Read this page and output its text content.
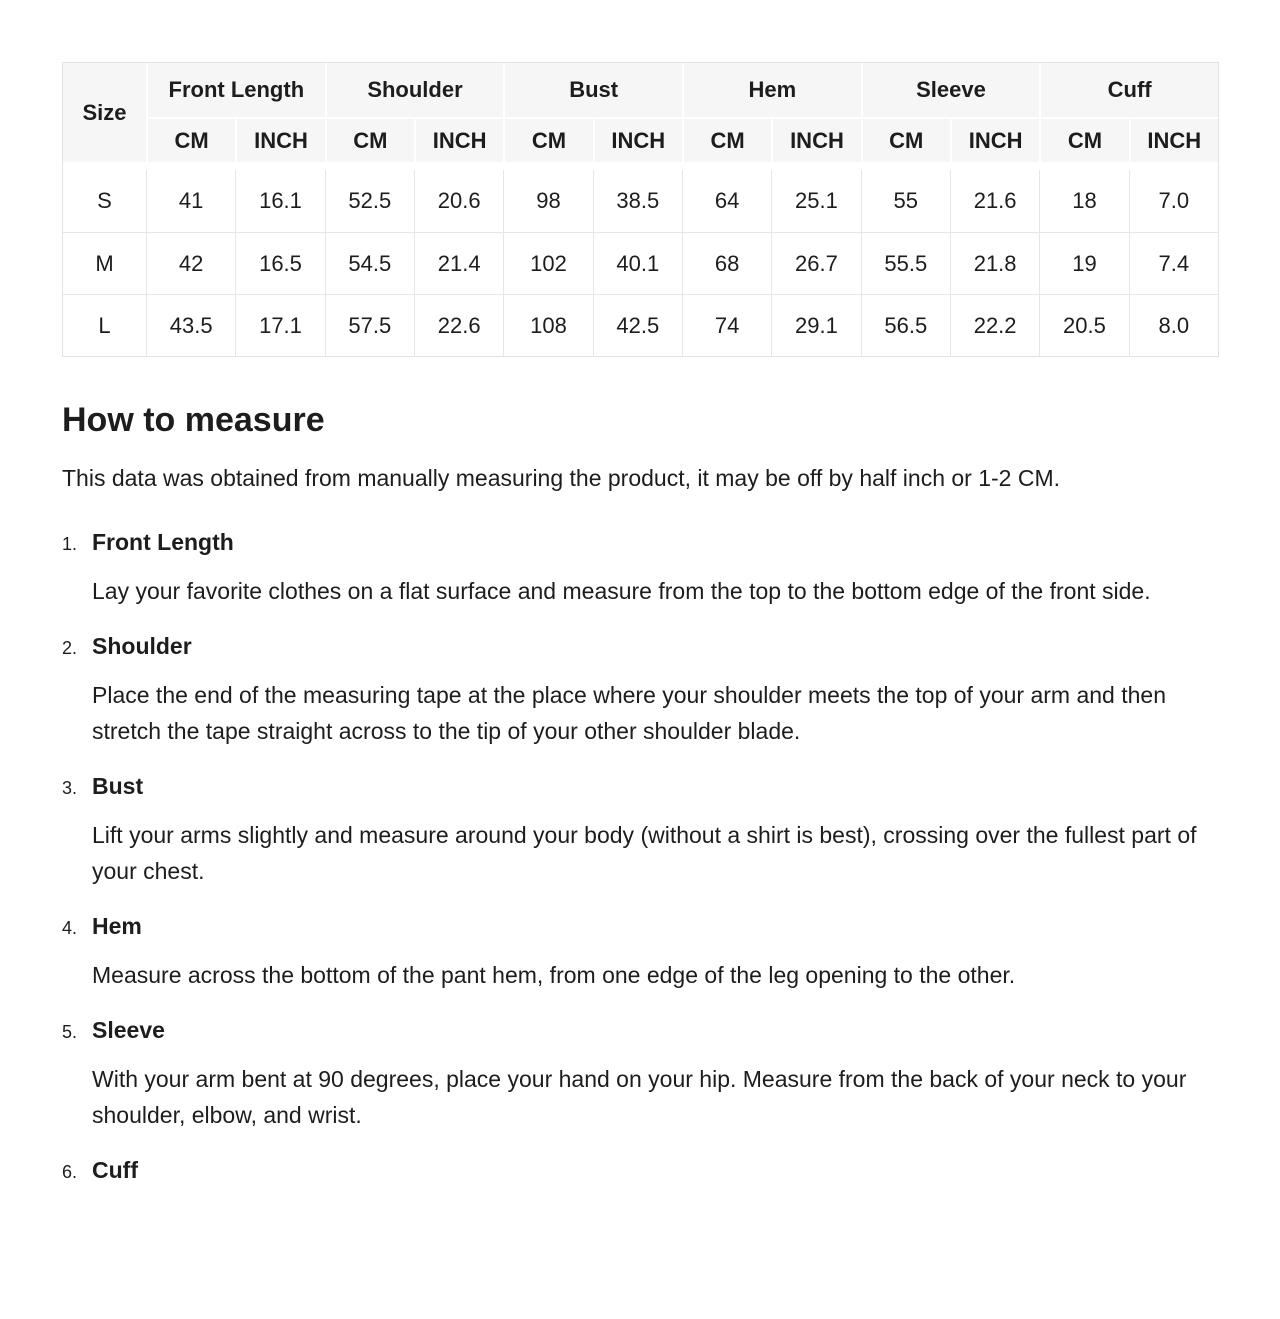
Size	Front Length		Shoulder		Bust		Hem		Sleeve		Cuff	
	CM	INCH	CM	INCH	CM	INCH	CM	INCH	CM	INCH	CM	INCH
S	41	16.1	52.5	20.6	98	38.5	64	25.1	55	21.6	18	7.0
M	42	16.5	54.5	21.4	102	40.1	68	26.7	55.5	21.8	19	7.4
L	43.5	17.1	57.5	22.6	108	42.5	74	29.1	56.5	22.2	20.5	8.0
How to measure

This data was obtained from manually measuring the product, it may be off by half inch or 1-2 CM.

1. Front Length
Lay your favorite clothes on a flat surface and measure from the top to the bottom edge of the front side.
2. Shoulder
Place the end of the measuring tape at the place where your shoulder meets the top of your arm and then stretch the tape straight across to the tip of your other shoulder blade.
3. Bust
Lift your arms slightly and measure around your body (without a shirt is best), crossing over the fullest part of your chest.
4. Hem
Measure across the bottom of the pant hem, from one edge of the leg opening to the other.
5. Sleeve
With your arm bent at 90 degrees, place your hand on your hip. Measure from the back of your neck to your shoulder, elbow, and wrist.
6. Cuff
